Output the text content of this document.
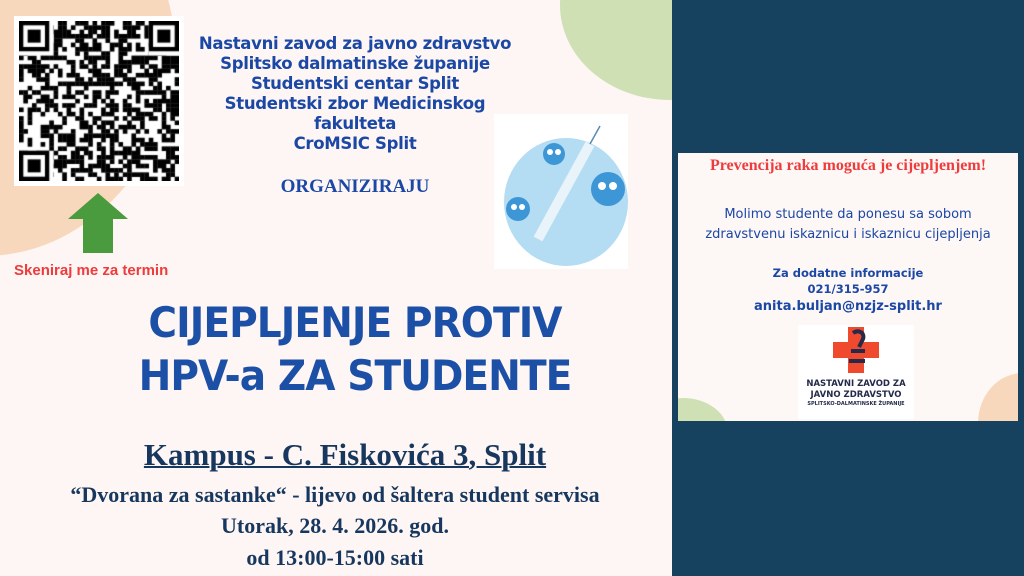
Skeniraj me za termin
Nastavni zavod za javno zdravstvo
Splitsko dalmatinske županije
Studentski centar Split
Studentski zbor Medicinskog
fakulteta
CroMSIC Split
ORGANIZIRAJU
CIJEPLJENJE PROTIV
HPV-a ZA STUDENTE
Kampus - C. Fiskovića 3, Split
“Dvorana za sastanke“ - lijevo od šaltera student servisa
Utorak, 28. 4. 2026. god.
od 13:00-15:00 sati
Prevencija raka moguća je cijepljenjem!
Molimo studente da ponesu sa sobom
zdravstvenu iskaznicu i iskaznicu cijepljenja
Za dodatne informacije
021/315-957
anita.buljan@nzjz-split.hr
NASTAVNI ZAVOD ZA
JAVNO ZDRAVSTVO
SPLITSKO-DALMATINSKE ŽUPANIJE
